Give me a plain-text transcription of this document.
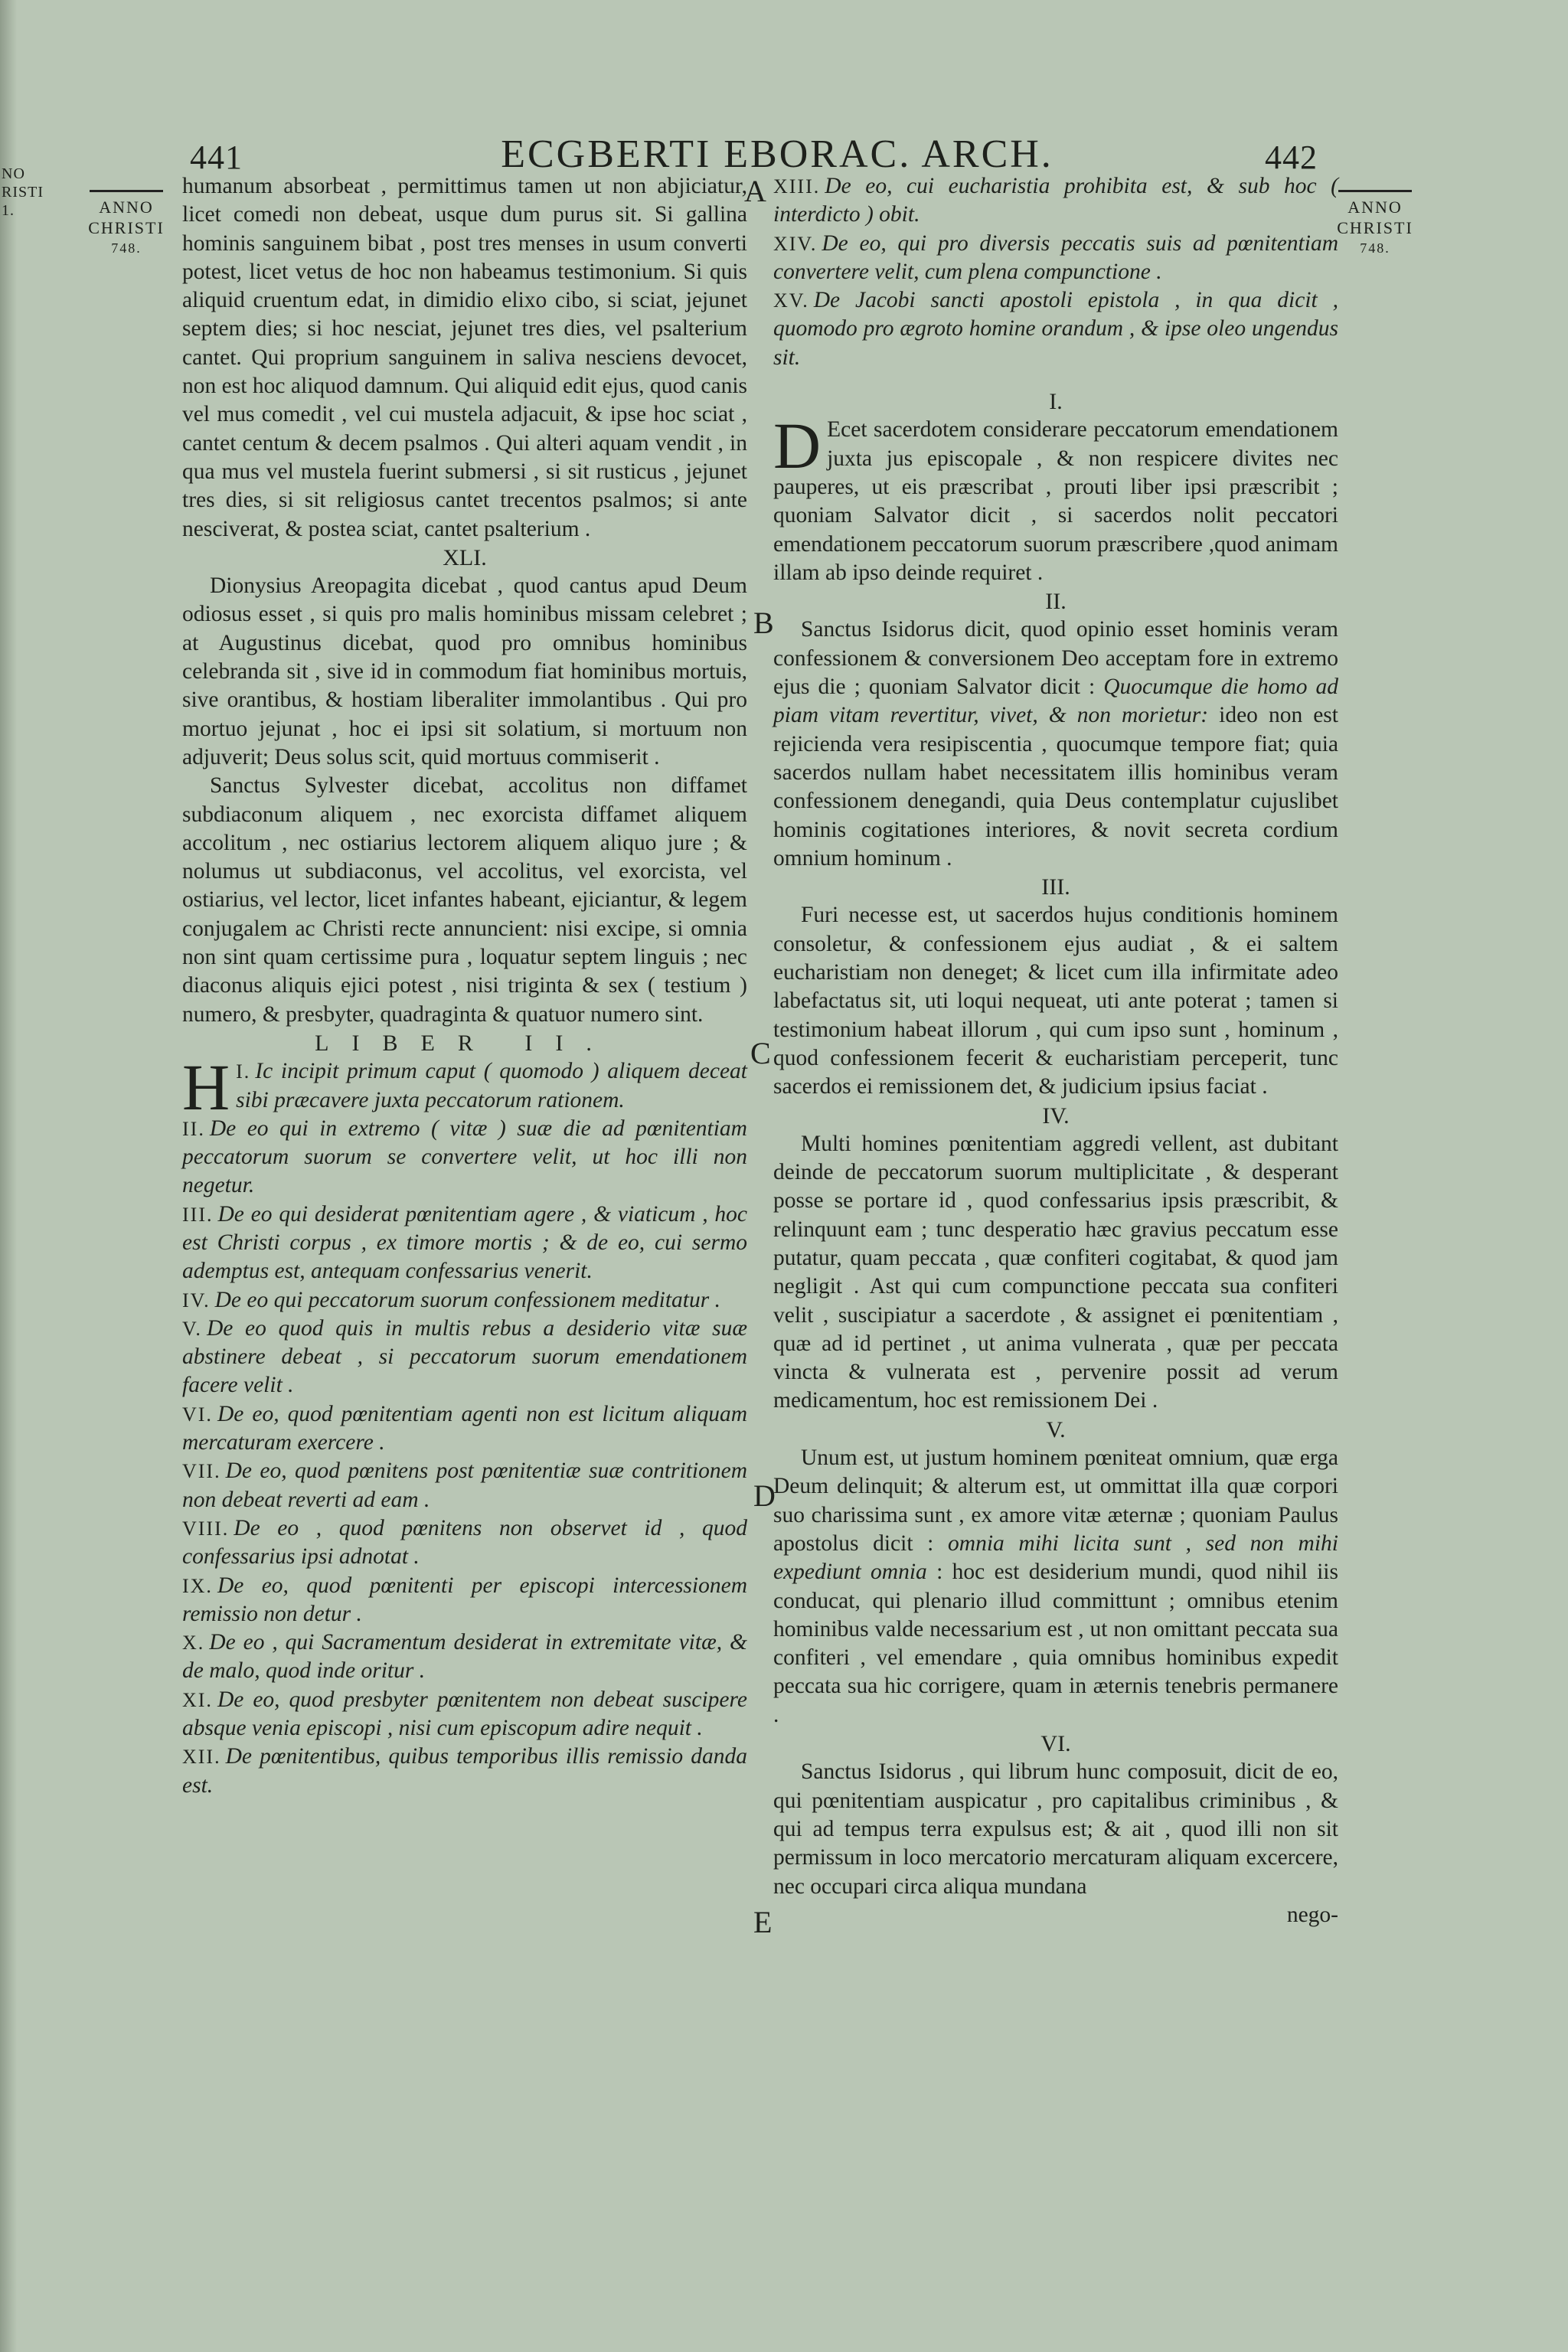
NO
RISTI
1.
441	ECGBERTI EBORAC. ARCH.	442
ANNO
CHRISTI
748.
ANNO
CHRISTI
748.
A
B
C
D
E

humanum absorbeat , permittimus tamen ut non abjiciatur, licet comedi non debeat, usque dum purus sit. Si gallina hominis sanguinem bibat , post tres menses in usum converti potest, licet vetus de hoc non habeamus testimonium. Si quis aliquid cruentum edat, in dimidio elixo cibo, si sciat, jejunet septem dies; si hoc nesciat, jejunet tres dies, vel psalterium cantet. Qui proprium sanguinem in saliva nesciens devocet, non est hoc aliquod damnum. Qui aliquid edit ejus, quod canis vel mus comedit , vel cui mustela adjacuit, & ipse hoc sciat , cantet centum & decem psalmos . Qui alteri aquam vendit , in qua mus vel mustela fuerint submersi , si sit rusticus , jejunet tres dies, si sit religiosus cantet trecentos psalmos; si ante nesciverat, & postea sciat, cantet psalterium .

XLI.

Dionysius Areopagita dicebat , quod cantus apud Deum odiosus esset , si quis pro malis hominibus missam celebret ; at Augustinus dicebat, quod pro omnibus hominibus celebranda sit , sive id in commodum fiat hominibus mortuis, sive orantibus, & hostiam liberaliter immolantibus . Qui pro mortuo jejunat , hoc ei ipsi sit solatium, si mortuum non adjuverit; Deus solus scit, quid mortuus commiserit .

Sanctus Sylvester dicebat, accolitus non diffamet subdiaconum aliquem , nec exorcista diffamet aliquem accolitum , nec ostiarius lectorem aliquem aliquo jure ; & nolumus ut subdiaconus, vel accolitus, vel exorcista, vel ostiarius, vel lector, licet infantes habeant, ejiciantur, & legem conjugalem ac Christi recte annuncient: nisi excipe, si omnia non sint quam certissime pura , loquatur septem linguis ; nec diaconus aliquis ejici potest , nisi triginta & sex ( testium ) numero, & presbyter, quadraginta & quatuor numero sint.

LIBER II.

I.
H Ic incipit primum caput ( quomodo ) aliquem deceat sibi præcavere juxta peccatorum rationem.

II. De eo qui in extremo ( vitæ ) suæ die ad pœnitentiam peccatorum suorum se convertere velit, ut hoc illi non negetur.

III. De eo qui desiderat pœnitentiam agere , & viaticum , hoc est Christi corpus , ex timore mortis ; & de eo, cui sermo ademptus est, antequam confessarius venerit.

IV. De eo qui peccatorum suorum confessionem meditatur .

V. De eo quod quis in multis rebus a desiderio vitæ suæ abstinere debeat , si peccatorum suorum emendationem facere velit .

VI. De eo, quod pœnitentiam agenti non est licitum aliquam mercaturam exercere .

VII. De eo, quod pœnitens post pœnitentiæ suæ contritionem non debeat reverti ad eam .

VIII. De eo , quod pœnitens non observet id , quod confessarius ipsi adnotat .

IX. De eo, quod pœnitenti per episcopi intercessionem remissio non detur .

X. De eo , qui Sacramentum desiderat in extremitate vitæ, & de malo, quod inde oritur .

XI. De eo, quod presbyter pœnitentem non debeat suscipere absque venia episcopi , nisi cum episcopum adire nequit .

XII. De pœnitentibus, quibus temporibus illis remissio danda est.

XIII. De eo, cui eucharistia prohibita est, & sub hoc ( interdicto ) obit.

XIV. De eo, qui pro diversis peccatis suis ad pœnitentiam convertere velit, cum plena compunctione .

XV. De Jacobi sancti apostoli epistola , in qua dicit , quomodo pro ægroto homine orandum , & ipse oleo ungendus sit.

I.

D Ecet sacerdotem considerare peccatorum emendationem juxta jus episcopale , & non respicere divites nec pauperes, ut eis præscribat , prouti liber ipsi præscribit ; quoniam Salvator dicit , si sacerdos nolit peccatori emendationem peccatorum suorum præscribere ,quod animam illam ab ipso deinde requiret .

II.

Sanctus Isidorus dicit, quod opinio esset hominis veram confessionem & conversionem Deo acceptam fore in extremo ejus die ; quoniam Salvator dicit : Quocumque die homo ad piam vitam revertitur, vivet, & non morietur: ideo non est rejicienda vera resipiscentia , quocumque tempore fiat; quia sacerdos nullam habet necessitatem illis hominibus veram confessionem denegandi, quia Deus contemplatur cujuslibet hominis cogitationes interiores, & novit secreta cordium omnium hominum .

III.

Furi necesse est, ut sacerdos hujus conditionis hominem consoletur, & confessionem ejus audiat , & ei saltem eucharistiam non deneget; & licet cum illa infirmitate adeo labefactatus sit, uti loqui nequeat, uti ante poterat ; tamen si testimonium habeat illorum , qui cum ipso sunt , hominum , quod confessionem fecerit & eucharistiam perceperit, tunc sacerdos ei remissionem det, & judicium ipsius faciat .

IV.

Multi homines pœnitentiam aggredi vellent, ast dubitant deinde de peccatorum suorum multiplicitate , & desperant posse se portare id , quod confessarius ipsis præscribit, & relinquunt eam ; tunc desperatio hæc gravius peccatum esse putatur, quam peccata , quæ confiteri cogitabat, & quod jam negligit . Ast qui cum compunctione peccata sua confiteri velit , suscipiatur a sacerdote , & assignet ei pœnitentiam , quæ ad id pertinet , ut anima vulnerata , quæ per peccata vincta & vulnerata est , pervenire possit ad verum medicamentum, hoc est remissionem Dei .

V.

Unum est, ut justum hominem pœniteat omnium, quæ erga Deum delinquit; & alterum est, ut ommittat illa quæ corpori suo charissima sunt , ex amore vitæ æternæ ; quoniam Paulus apostolus dicit : omnia mihi licita sunt , sed non mihi expediunt omnia : hoc est desiderium mundi, quod nihil iis conducat, qui plenario illud committunt ; omnibus etenim hominibus valde necessarium est , ut non omittant peccata sua confiteri , vel emendare , quia omnibus hominibus expedit peccata sua hic corrigere, quam in æternis tenebris permanere .

VI.

Sanctus Isidorus , qui librum hunc composuit, dicit de eo, qui pœnitentiam auspicatur , pro capitalibus criminibus , & qui ad tempus terra expulsus est; & ait , quod illi non sit permissum in loco mercatorio mercaturam aliquam excercere, nec occupari circa aliqua mundana

nego-
